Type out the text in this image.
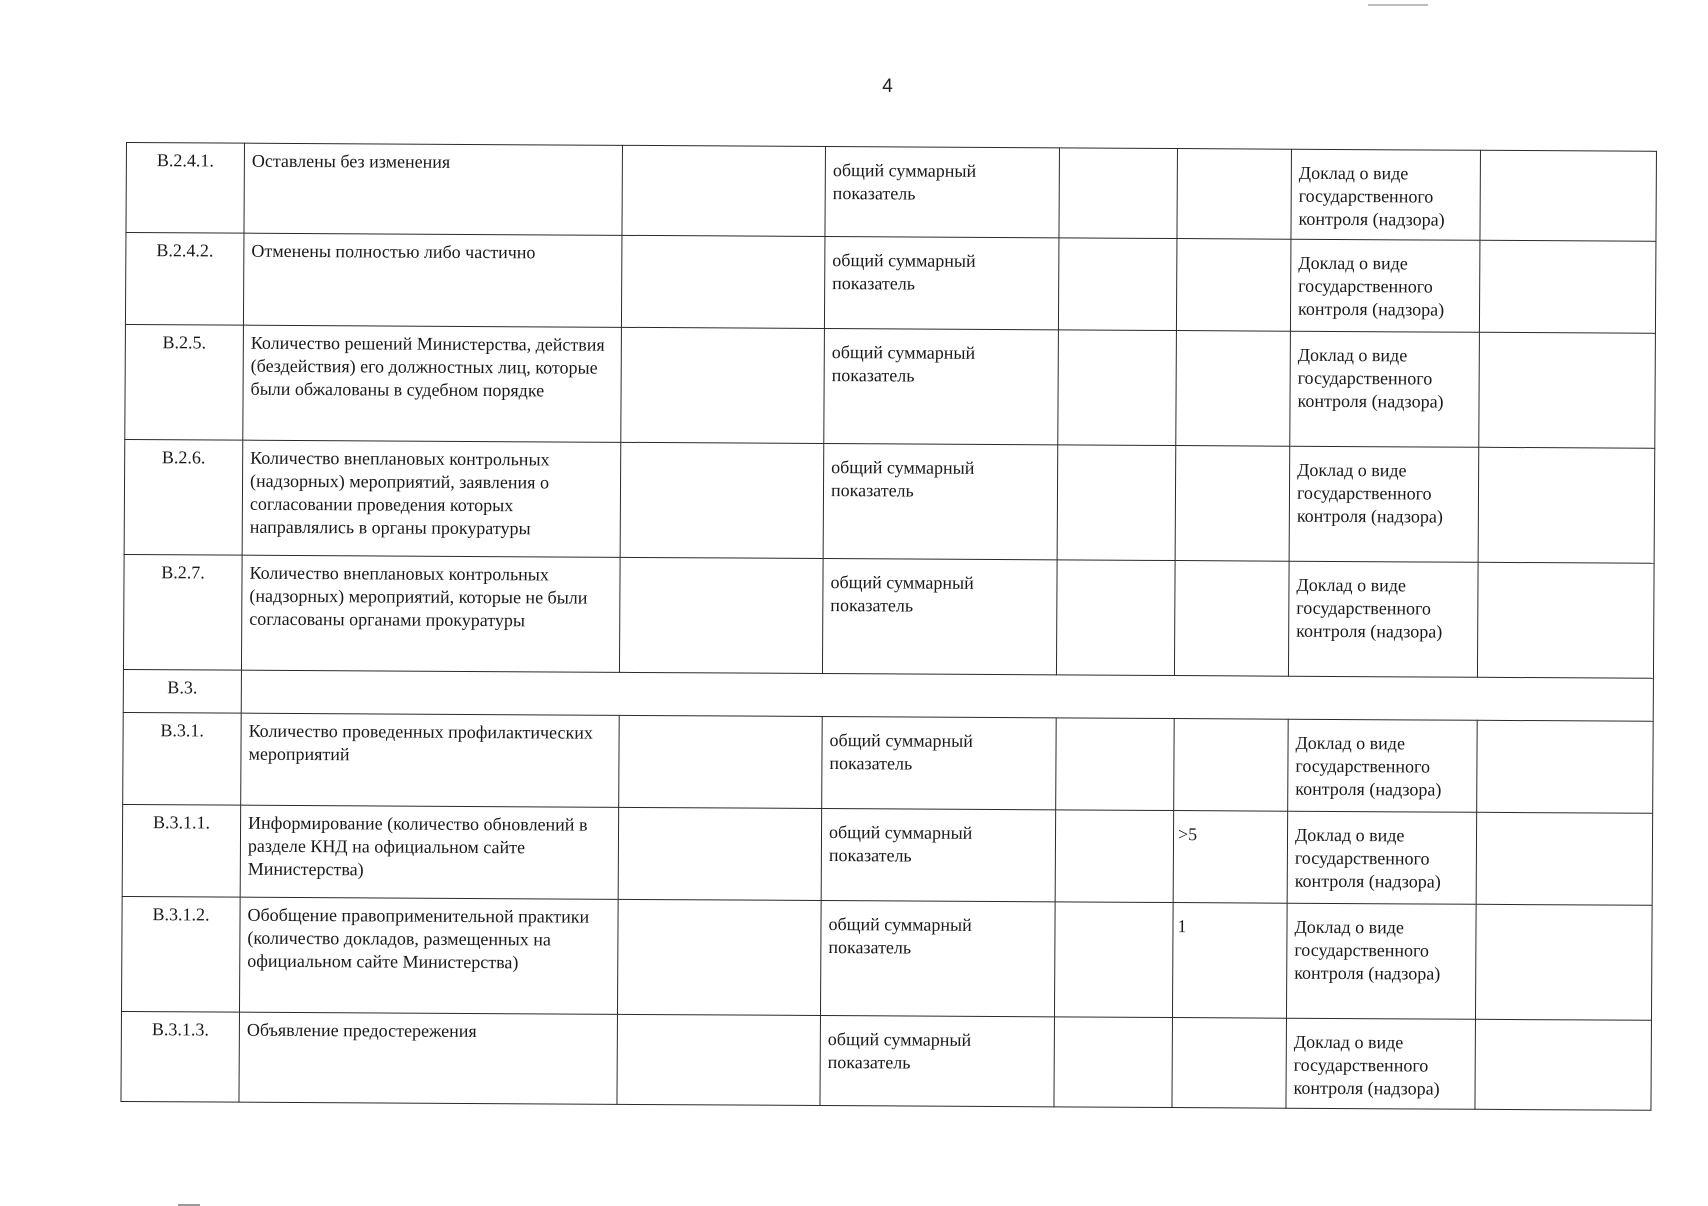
4
B.2.4.1.	Оставлены без изменения		общий суммарный показатель			Доклад о виде государственного контроля (надзора)	
B.2.4.2.	Отменены полностью либо частично		общий суммарный показатель			Доклад о виде государственного контроля (надзора)	
B.2.5.	Количество решений Министерства, действия (бездействия) его должностных лиц, которые были обжалованы в судебном порядке		общий суммарный показатель			Доклад о виде государственного контроля (надзора)	
B.2.6.	Количество внеплановых контрольных (надзорных) мероприятий, заявления о согласовании проведения которых направлялись в органы прокуратуры		общий суммарный показатель			Доклад о виде государственного контроля (надзора)	
B.2.7.	Количество внеплановых контрольных (надзорных) мероприятий, которые не были согласованы органами прокуратуры		общий суммарный показатель			Доклад о виде государственного контроля (надзора)	
B.3.							
B.3.1.	Количество проведенных профилактических мероприятий		общий суммарный показатель			Доклад о виде государственного контроля (надзора)	
B.3.1.1.	Информирование (количество обновлений в разделе КНД на официальном сайте Министерства)		общий суммарный показатель		>5	Доклад о виде государственного контроля (надзора)	
B.3.1.2.	Обобщение правоприменительной практики (количество докладов, размещенных на официальном сайте Министерства)		общий суммарный показатель		1	Доклад о виде государственного контроля (надзора)	
B.3.1.3.	Объявление предостережения		общий суммарный показатель			Доклад о виде государственного контроля (надзора)	
